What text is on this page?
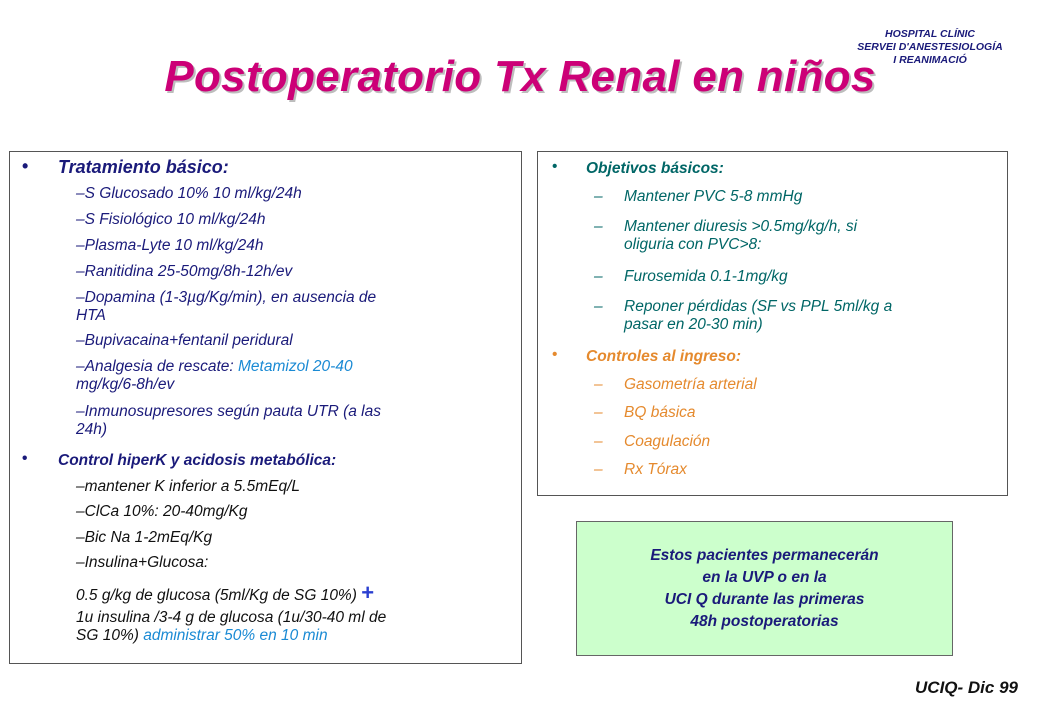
HOSPITAL CLÍNIC
SERVEI D'ANESTESIOLOGÍA
I REANIMACIÓ
Postoperatorio Tx Renal en niños
• Tratamiento básico:
–S Glucosado 10% 10 ml/kg/24h
–S Fisiológico 10 ml/kg/24h
–Plasma-Lyte 10 ml/kg/24h
–Ranitidina 25-50mg/8h-12h/ev
–Dopamina (1-3µg/Kg/min), en ausencia de
HTA
–Bupivacaina+fentanil peridural
–Analgesia de rescate: Metamizol 20-40
mg/kg/6-8h/ev
–Inmunosupresores según pauta UTR (a las
24h)
• Control hiperK y acidosis metabólica:
–mantener K inferior a 5.5mEq/L
–ClCa 10%: 20-40mg/Kg
–Bic Na 1-2mEq/Kg
–Insulina+Glucosa:
0.5 g/kg de glucosa (5ml/Kg de SG 10%) +
1u insulina /3-4 g de glucosa (1u/30-40 ml de
SG 10%) administrar 50% en 10 min
• Objetivos básicos:
– Mantener PVC 5-8 mmHg
– Mantener diuresis >0.5mg/kg/h, si
oliguria con PVC>8:
– Furosemida 0.1-1mg/kg
– Reponer pérdidas (SF vs PPL 5ml/kg a
pasar en 20-30 min)
• Controles al ingreso:
– Gasometría arterial
– BQ básica
– Coagulación
– Rx Tórax
Estos pacientes permanecerán
en la UVP o en la
UCI Q durante las primeras
48h postoperatorias
UCIQ- Dic 99
